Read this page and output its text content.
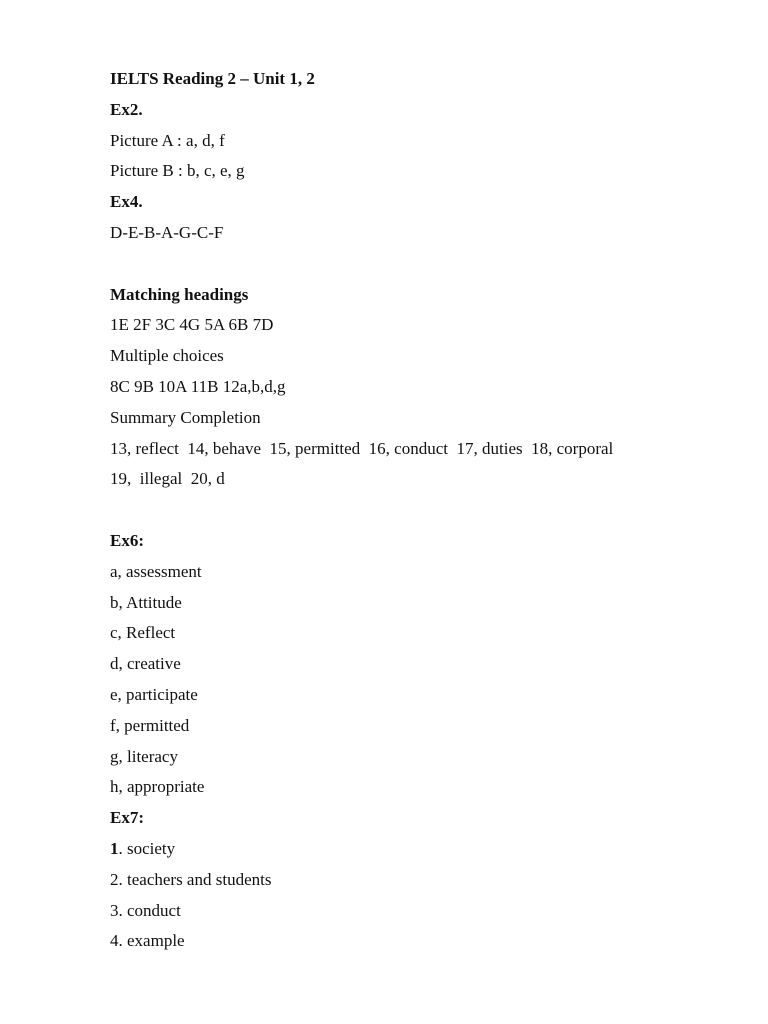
IELTS Reading 2 – Unit 1, 2
Ex2.
Picture A : a, d, f
Picture B : b, c, e, g
Ex4.
D-E-B-A-G-C-F
Matching headings
1E 2F 3C 4G 5A 6B 7D
Multiple choices
8C 9B 10A 11B 12a,b,d,g
Summary Completion
13, reflect  14, behave  15, permitted  16, conduct  17, duties  18, corporal
19,  illegal  20, d
Ex6:
a, assessment
b, Attitude
c, Reflect
d, creative
e, participate
f, permitted
g, literacy
h, appropriate
Ex7:
1. society
2. teachers and students
3. conduct
4. example
